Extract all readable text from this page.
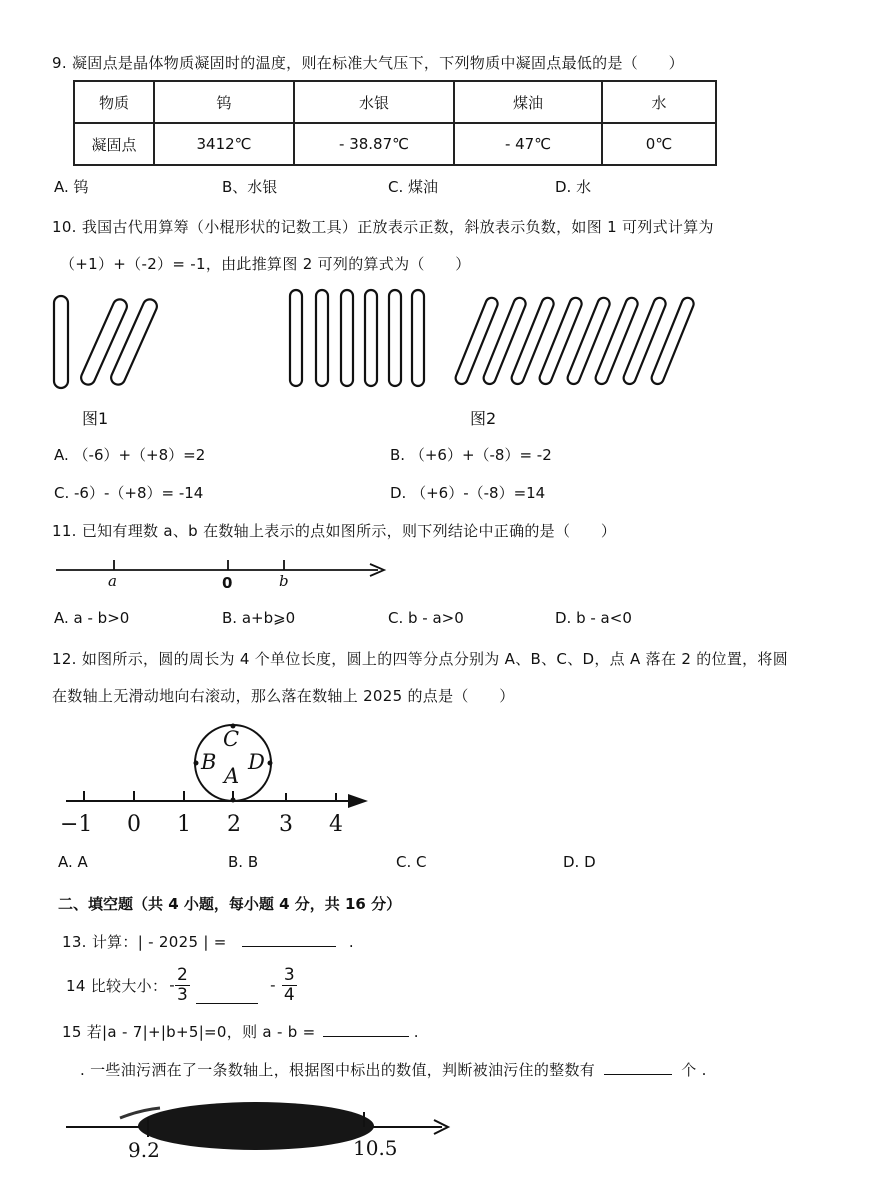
9. 凝固点是晶体物质凝固时的温度，则在标准大气压下，下列物质中凝固点最低的是（　　）
物质	钨	水银	煤油	水
凝固点	3412℃	- 38.87℃	- 47℃	0℃
A. 钨	B、水银	C. 煤油	D. 水
10. 我国古代用算筹（小棍形状的记数工具）正放表示正数，斜放表示负数，如图 1 可列式计算为
（+1）+（-2）= -1，由此推算图 2 可列的算式为（　　）
图1	图2
A. （-6）+（+8）=2	B. （+6）+（-8）= -2
C. -6）-（+8）= -14	D. （+6）-（-8）=14
11. 已知有理数 a、b 在数轴上表示的点如图所示，则下列结论中正确的是（　　）
a	0	b
A. a - b>0	B. a+b⩾0	C. b - a>0	D. b - a<0
12. 如图所示，圆的周长为 4 个单位长度，圆上的四等分点分别为 A、B、C、D，点 A 落在 2 的位置，将圆
在数轴上无滑动地向右滚动，那么落在数轴上 2025 的点是（　　）
C
B
A
D
−1 0 1 2 3 4
A. A	B. B	C. C	D. D
二、填空题（共 4 小题，每小题 4 分，共 16 分）
13. 计算：| - 2025 | =	.
14 比较大小： - $\frac{2}{3}$	- $\frac{3}{4}$
15 若|a - 7|+|b+5|=0，则 a - b =	.
. 一些油污洒在了一条数轴上，根据图中标出的数值，判断被油污住的整数有	个 .
9.2	10.5
